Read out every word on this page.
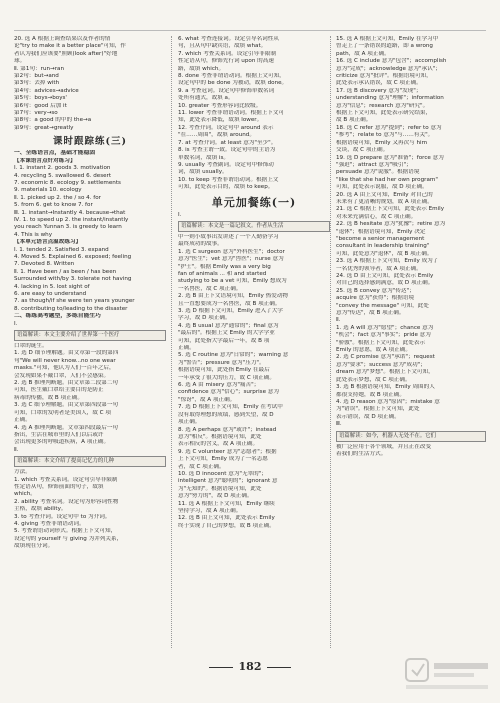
20. 选 A 根据上调查结果以及作者的情
论"try to make it a better place"可知，作
者认为我们应该要"照顾(look after)"好地
球。
Ⅱ. 第1句：run→ran
第2句：but→and
第3句：去掉 with
第4句：advices→advice
第5句：boys→boys'
第6句：good 后加 it
第7句：very→so
第8句：a good 的中的 the→a
第9句：great→greatly
课时跟踪练(三)
一、全练语言点，基础才能稳固
【本课语言点针对练习】
Ⅰ. 1. instant 2. goods 3. motivation
4. recycling 5. swallowed 6. desert
7. economic 8. ecology 9. settlements
9. materials 10. ecology
Ⅱ. 1. picked up 2. the / so 4. for
5. from 6. get to know 7. for
Ⅲ. 1. instant→Instantly 4. because→that
Ⅳ. 1. to speed up 2. the instant/instantly
you reach Yunnan 3. is greedy to learn
4. This is why
【本单元语言点温故练习】
Ⅰ. 1. tended 2. Satisfied 3. expand
4. Moved 5. Explained 6. exposed; feeling
7. Devoted 8. Written
Ⅱ. 1. Have been / as been / has been
Surrounded with/by 3. tolerate not having
4. lacking in 5. lost sight of
6. are easy to understand
7. as though/if she were ten years younger
8. contributing to/leading to the disaster
二、练练高考题型，多练自能生巧
Ⅰ.
语篇解读：本文主要介绍了世界第一个医疗
口罩的诞生。
1. 选 D 细节理解题。由文章第一段的第四
句"We will never know...no one wear
masks."可知，他认为人们一百年之后，
会发现如果不戴口罩，人们不会感染。
2. 选 B 推理判断题。由文章第二段第二句
可知，医生戴口罩给主要目的是防止
病毒的传播，故 B 项正确。
3. 选 C 细节理解题。由文章第四段第一句
可知，口罩的发明者是美国人，故 C 项
正确。
4. 选 A 推理判断题。文章第四段最后一句
指出，生活在城市里的人们以后或许
会出现更多的呼吸道疾病，A 项正确。
Ⅱ.
语篇解读：本文介绍了提高记忆力的几种
方法。
1. which 考查关系词。设定句引导非限制
性定语从句，修饰前面的句子，故填
which。
2. ability 考查名词。设定句为形容词性物
主格，故填 ability。
3. to 考查介词。设定句中 to 为介词。
4. giving 考查非谓语动词。
5. 考查谓语动词形式。根据上下文可知，
设定句的 yourself 与 giving 为并列关系，
故填现在分词。
6. what 考查连接词。设定引导名词性从
句，且从句中缺宾语，故填 what。
7. which 考查关系词。设定引导非限制
性定语从句，修饰先行词 upon 的高速
路，故填 which。
8. done 考查非谓语动词。根据上文可知，
设定句中的 be done 为被动，故填 done。
9. a 考查冠词。设定句中修饰单数名词
处所有通式，故填 a。
10. greater 考查形容词比较级。
11. lower 考查非谓语动词。根据上下文可
知，此处表示降低，故填 lower。
12. 考查介词。设定句中 around 表示
"在……周围"，故填 around。
7. at 考查介词。at least 意为"至少"。
8. is 考查主谓一致。设定句中的主语为
单数名词，故填 is。
9. usually 考查副词。设定句中修饰动
词，故填 usually。
10. to keep 考查非谓语动词。根据上文
可知，此处表示目的，故填 to keep。
单元加餐练(一)
Ⅰ.
语篇解读：本文是一篇记叙文。作者从生活
中一则小故事出发讲述了一个人勤奋学习
最终成功的故事。
1. 选 C surgeon 意为"外科医生"；doctor
意为"医生"；vet 意为"兽医"；nurse 意为
"护士"。根据 Emily was a very big
fan of animals ... 和 and started
studying to be a vet 可知，Emily 想成为
一名兽医，故 C 项正确。
2. 选 B 由上下文语境可知，Emily 热爱动物
且一直想要成为一名兽医，故 B 项正确。
3. 选 D 根据下文可知，Emily 进入了大学
学习，故 D 项正确。
4. 选 B usual 意为"通常的"；final 意为
"最后的"。根据上文 Emily 的大学学业
可知，此处指大学最后一年，故 B 项
正确。
5. 选 C routine 意为"日常的"；warning 意
为"警告"；pressure 意为"压力"。
根据语境可知，此处指 Emily 在最后
一年承受了很大的压力，故 C 项正确。
6. 选 A 由 misery 意为"痛苦"；
confidence 意为"信心"；surprise 意为
"惊讶"，故 A 项正确。
7. 选 D 根据上下文可知，Emily 在考试中
没有取得理想的成绩，感到失望，故 D
项正确。
8. 选 A perhaps 意为"或许"；instead
意为"相反"。根据语境可知，此处
表示相反的含义，故 A 项正确。
9. 选 C volunteer 意为"志愿者"；根据
上下文可知，Emily 成为了一名志愿
者，故 C 项正确。
10. 选 D innocent 意为"无辜的"；
intelligent 意为"聪明的"；ignorant 意
为"无知的"。根据语境可知，此处
意为"努力的"，故 D 项正确。
11. 选 A 根据上下文可知，Emily 继续
坚持学习，故 A 项正确。
12. 选 B 由上文可知，此处表示 Emily
终于实现了自己的梦想，故 B 项正确。
15. 选 A 根据上文可知，Emily 在学习中
曾走上了一条错误的道路，即 a wrong
path，故 A 项正确。
16. 选 C include 意为"包含"；accomplish
意为"完成"；acknowledge 意为"承认"；
criticize 意为"批评"。根据语境可知，
此处表示承认错误，故 C 项正确。
17. 选 B discovery 意为"发现"；
understanding 意为"理解"；information
意为"信息"；research 意为"研究"。
根据上下文可知，此处表示研究结果，
故 B 项正确。
18. 选 C refer 意为"提到"；refer to 意为
"参考"；relate to 意为"与……有关"。
根据语境可知，Emily 又再次与 him
交谈，故 C 项正确。
19. 选 D prepare 意为"准备"；force 意为
"强迫"；attract 意为"吸引"；
persuade 意为"说服"。根据语境
"like that she had her own program"
可知，此处表示说服，故 D 项正确。
20. 选 A 由上文可知，Emily 对自己的
未来有了更清晰的规划，故 A 项正确。
21. 选 C 根据上下文可知，此处表示 Emily
对未来充满信心，故 C 项正确。
22. 选 B hesitate 意为"犹豫"；retire 意为
"退休"；根据语境可知，Emily 决定
"become a senior management
consultant in leadership training"
可知，此处意为"退休"，故 B 项正确。
23. 选 A 根据上下文可知，Emily 成为了
一名优秀的领导者，故 A 项正确。
24. 选 D 由上文可知，此处表示 Emily
对自己的选择感到满意，故 D 项正确。
25. 选 B convey 意为"传达"；
acquire 意为"获得"；根据语境
"convey the message" 可知，此处
意为"传达"，故 B 项正确。
Ⅱ.
1. 选 A will 意为"愿望"；chance 意为
"机会"；fact 意为"事实"；pride 意为
"骄傲"。根据上下文可知，此处表示
Emily 的意愿，故 A 项正确。
2. 选 C promise 意为"承诺"；request
意为"要求"；success 意为"成功"；
dream 意为"梦想"。根据上下文可知，
此处表示梦想，故 C 项正确。
3. 选 B 根据语境可知，Emily 周围的人
都很支持她，故 B 项正确。
4. 选 D reason 意为"原因"；mistake 意
为"错误"。根据上下文可知，此处
表示错误，故 D 项正确。
Ⅲ.
语篇解读：如今，机器人无处不在。它们
被广泛应用于各个领域，并且正在改变
着我们的生活方式。
182
